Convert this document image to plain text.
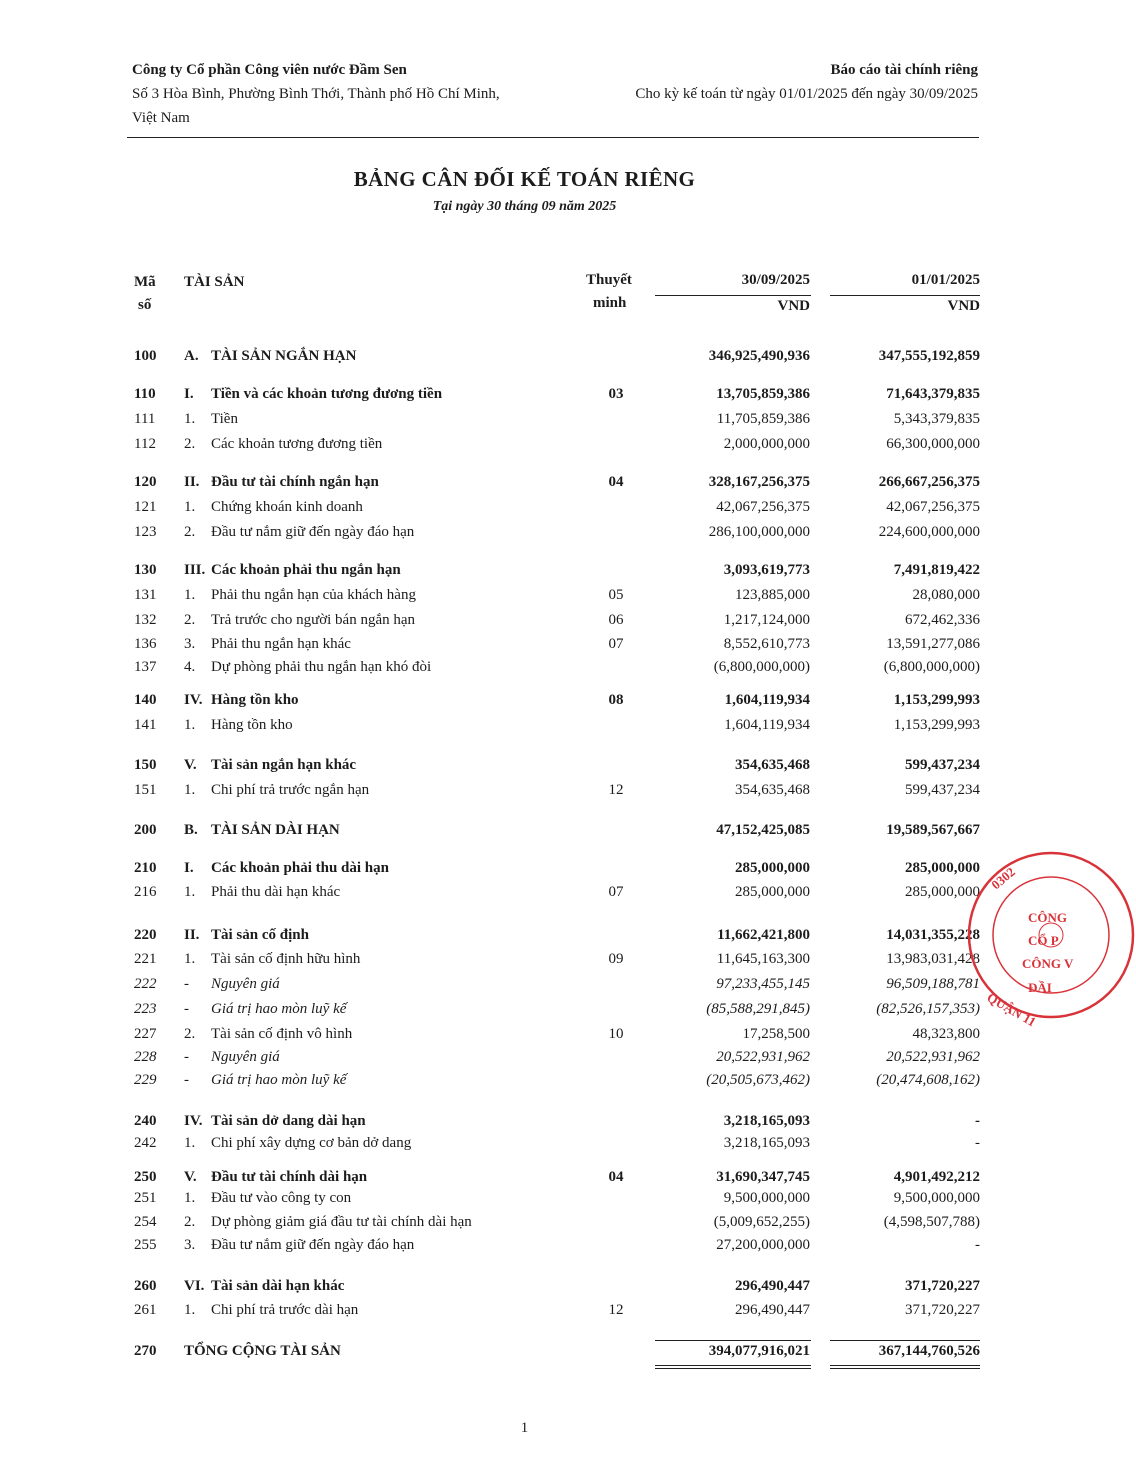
Công ty Cổ phần Công viên nước Đầm Sen
Số 3 Hòa Bình, Phường Bình Thới, Thành phố Hồ Chí Minh,
Việt Nam
Báo cáo tài chính riêng
Cho kỳ kế toán từ ngày 01/01/2025 đến ngày 30/09/2025
BẢNG CÂN ĐỐI KẾ TOÁN RIÊNG
Tại ngày 30 tháng 09 năm 2025
Mã
số
TÀI SẢN	Thuyết
minh
30/09/2025	01/01/2025
VND	VND
100 A. TÀI SẢN NGẮN HẠN	346,925,490,936	347,555,192,859
110 I. Tiền và các khoản tương đương tiền	03	13,705,859,386	71,643,379,835
111 1. Tiền	11,705,859,386	5,343,379,835
112 2. Các khoản tương đương tiền	2,000,000,000	66,300,000,000
120 II. Đầu tư tài chính ngắn hạn	04	328,167,256,375	266,667,256,375
121 1. Chứng khoán kinh doanh	42,067,256,375	42,067,256,375
123 2. Đầu tư nắm giữ đến ngày đáo hạn	286,100,000,000	224,600,000,000
130 III. Các khoản phải thu ngắn hạn	3,093,619,773	7,491,819,422
131 1. Phải thu ngắn hạn của khách hàng	05	123,885,000	28,080,000
132 2. Trả trước cho người bán ngắn hạn	06	1,217,124,000	672,462,336
136 3. Phải thu ngắn hạn khác	07	8,552,610,773	13,591,277,086
137 4. Dự phòng phải thu ngắn hạn khó đòi	(6,800,000,000)	(6,800,000,000)
140 IV. Hàng tồn kho	08	1,604,119,934	1,153,299,993
141 1. Hàng tồn kho	1,604,119,934	1,153,299,993
150 V. Tài sản ngắn hạn khác	354,635,468	599,437,234
151 1. Chi phí trả trước ngắn hạn	12	354,635,468	599,437,234
200 B. TÀI SẢN DÀI HẠN	47,152,425,085	19,589,567,667
210 I. Các khoản phải thu dài hạn	285,000,000	285,000,000
216 1. Phải thu dài hạn khác	07	285,000,000	285,000,000
220 II. Tài sản cố định	11,662,421,800	14,031,355,228
221 1. Tài sản cố định hữu hình	09	11,645,163,300	13,983,031,428
222 - Nguyên giá	97,233,455,145	96,509,188,781
223 - Giá trị hao mòn luỹ kế	(85,588,291,845)	(82,526,157,353)
227 2. Tài sản cố định vô hình	10	17,258,500	48,323,800
228 - Nguyên giá	20,522,931,962	20,522,931,962
229 - Giá trị hao mòn luỹ kế	(20,505,673,462)	(20,474,608,162)
240 IV. Tài sản dở dang dài hạn	3,218,165,093	-
242 1. Chi phí xây dựng cơ bản dở dang	3,218,165,093	-
250 V. Đầu tư tài chính dài hạn	04	31,690,347,745	4,901,492,212
251 1. Đầu tư vào công ty con	9,500,000,000	9,500,000,000
254 2. Dự phòng giảm giá đầu tư tài chính dài hạn	(5,009,652,255)	(4,598,507,788)
255 3. Đầu tư nắm giữ đến ngày đáo hạn	27,200,000,000	-
260 VI. Tài sản dài hạn khác	296,490,447	371,720,227
261 1. Chi phí trả trước dài hạn	12	296,490,447	371,720,227
270 TỔNG CỘNG TÀI SẢN	394,077,916,021	367,144,760,526
1
0302
CÔNG
CỔ P
CÔNG V
ĐẦI
QUẬN 11
